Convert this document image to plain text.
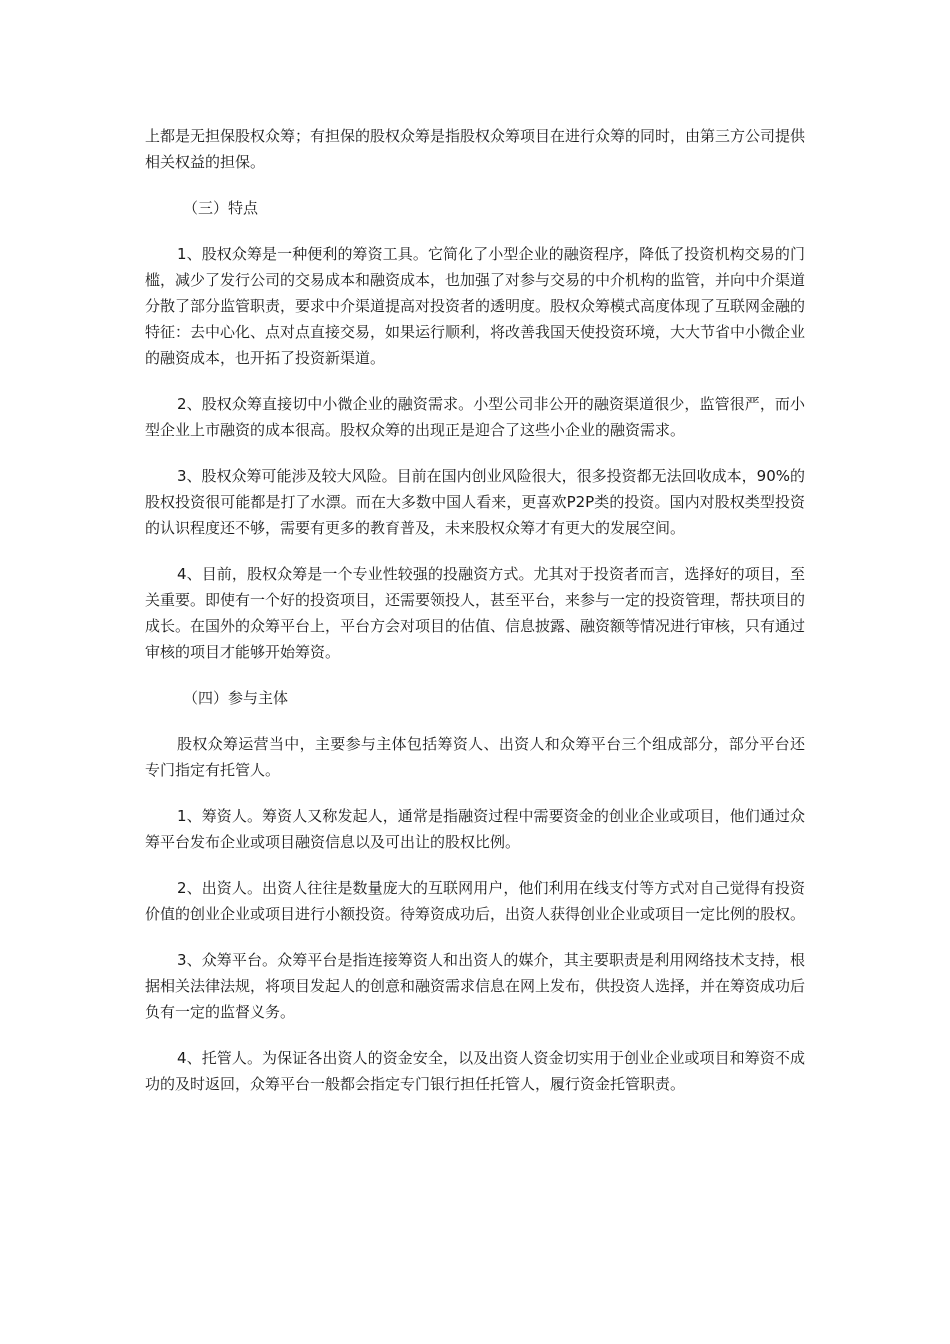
上都是无担保股权众筹；有担保的股权众筹是指股权众筹项目在进行众筹的同时，由第三方公司提供相关权益的担保。

（三）特点

1、股权众筹是一种便利的筹资工具。它简化了小型企业的融资程序，降低了投资机构交易的门槛，减少了发行公司的交易成本和融资成本，也加强了对参与交易的中介机构的监管，并向中介渠道分散了部分监管职责，要求中介渠道提高对投资者的透明度。股权众筹模式高度体现了互联网金融的特征：去中心化、点对点直接交易，如果运行顺利，将改善我国天使投资环境，大大节省中小微企业的融资成本，也开拓了投资新渠道。

2、股权众筹直接切中小微企业的融资需求。小型公司非公开的融资渠道很少，监管很严，而小型企业上市融资的成本很高。股权众筹的出现正是迎合了这些小企业的融资需求。

3、股权众筹可能涉及较大风险。目前在国内创业风险很大，很多投资都无法回收成本，90%的股权投资很可能都是打了水漂。而在大多数中国人看来，更喜欢P2P类的投资。国内对股权类型投资的认识程度还不够，需要有更多的教育普及，未来股权众筹才有更大的发展空间。

4、目前，股权众筹是一个专业性较强的投融资方式。尤其对于投资者而言，选择好的项目，至关重要。即使有一个好的投资项目，还需要领投人，甚至平台，来参与一定的投资管理，帮扶项目的成长。在国外的众筹平台上，平台方会对项目的估值、信息披露、融资额等情况进行审核，只有通过审核的项目才能够开始筹资。

（四）参与主体

股权众筹运营当中，主要参与主体包括筹资人、出资人和众筹平台三个组成部分，部分平台还专门指定有托管人。

1、筹资人。筹资人又称发起人，通常是指融资过程中需要资金的创业企业或项目，他们通过众筹平台发布企业或项目融资信息以及可出让的股权比例。

2、出资人。出资人往往是数量庞大的互联网用户，他们利用在线支付等方式对自己觉得有投资价值的创业企业或项目进行小额投资。待筹资成功后，出资人获得创业企业或项目一定比例的股权。

3、众筹平台。众筹平台是指连接筹资人和出资人的媒介，其主要职责是利用网络技术支持，根据相关法律法规，将项目发起人的创意和融资需求信息在网上发布，供投资人选择，并在筹资成功后负有一定的监督义务。

4、托管人。为保证各出资人的资金安全，以及出资人资金切实用于创业企业或项目和筹资不成功的及时返回，众筹平台一般都会指定专门银行担任托管人，履行资金托管职责。
